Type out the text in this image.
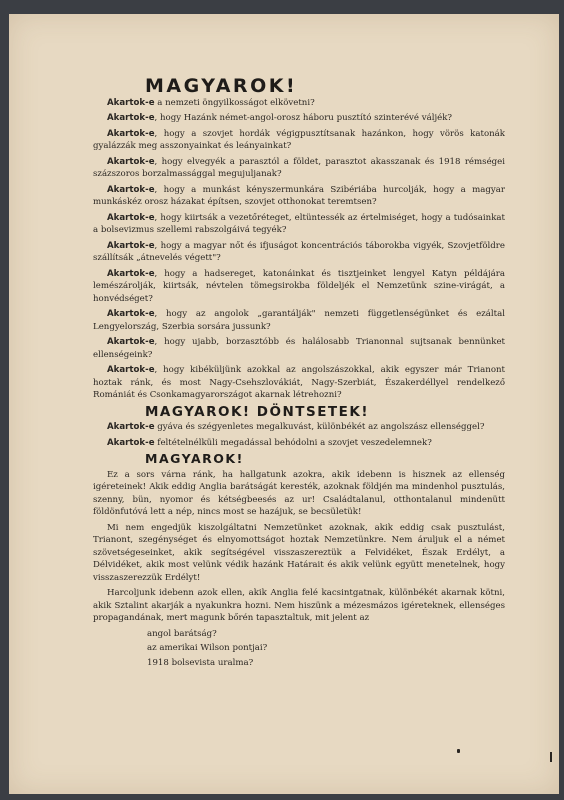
MAGYAROK!
Akartok-e a nemzeti öngyilkosságot elkövetni?
Akartok-e, hogy Hazánk német-angol-orosz háboru pusztító szinterévé váljék?
Akartok-e, hogy a szovjet hordák végigpusztítsanak hazánkon, hogy vörös katonák gyalázzák meg asszonyainkat és leányainkat?
Akartok-e, hogy elvegyék a parasztól a földet, parasztot akasszanak és 1918 rémségei százszoros borzalmassággal megujuljanak?
Akartok-e, hogy a munkást kényszermunkára Szibériába hurcolják, hogy a magyar munkáskéz orosz házakat építsen, szovjet otthonokat teremtsen?
Akartok-e, hogy kiirtsák a vezetőréteget, eltüntessék az értelmiséget, hogy a tudósainkat a bolsevizmus szellemi rabszolgáivá tegyék?
Akartok-e, hogy a magyar nőt és ifjuságot koncentrációs táborokba vigyék, Szovjetföldre szállítsák „átnevelés végett"?
Akartok-e, hogy a hadsereget, katonáinkat és tisztjeinket lengyel Katyn példájára lemészárolják, kiirtsák, névtelen tömegsirokba földeljék el Nemzetünk szine-virágát, a honvédséget?
Akartok-e, hogy az angolok „garantálják" nemzeti függetlenségünket és ezáltal Lengyelország, Szerbia sorsára jussunk?
Akartok-e, hogy ujabb, borzasztóbb és halálosabb Trianonnal sujtsanak bennünket ellenségeink?
Akartok-e, hogy kibéküljünk azokkal az angolszászokkal, akik egyszer már Trianont hoztak ránk, és most Nagy-Csehszlovákiát, Nagy-Szerbiát, Északerdéllyel rendelkező Romániát és Csonkamagyarországot akarnak létrehozni?
MAGYAROK! DÖNTSETEK!
Akartok-e gyáva és szégyenletes megalkuvást, különbékét az angolszász ellenséggel?
Akartok-e feltételnélküli megadással behódolni a szovjet veszedelemnek?
MAGYAROK!
Ez a sors várna ránk, ha hallgatunk azokra, akik idebenn is hisznek az ellenség igéreteinek! Akik eddig Anglia barátságát keresték, azoknak földjén ma mindenhol pusztulás, szenny, bün, nyomor és kétségbeesés az ur! Családtalanul, otthontalanul mindenütt földönfutóvá lett a nép, nincs most se hazájuk, se becsületük!
Mi nem engedjük kiszolgáltatni Nemzetünket azoknak, akik eddig csak pusztulást, Trianont, szegénységet és elnyomottságot hoztak Nemzetünkre. Nem áruljuk el a német szövetségeseinket, akik segítségével visszaszereztük a Felvidéket, Észak Erdélyt, a Délvidéket, akik most velünk védik hazánk Határait és akik velünk együtt menetelnek, hogy visszaszerezzük Erdélyt!
Harcoljunk idebenn azok ellen, akik Anglia felé kacsintgatnak, különbékét akarnak kötni, akik Sztalint akarják a nyakunkra hozni. Nem hiszünk a mézesmázos igéreteknek, ellenséges propagandának, mert magunk bőrén tapasztaltuk, mit jelent az
angol barátság?
az amerikai Wilson pontjai?
1918 bolsevista uralma?
